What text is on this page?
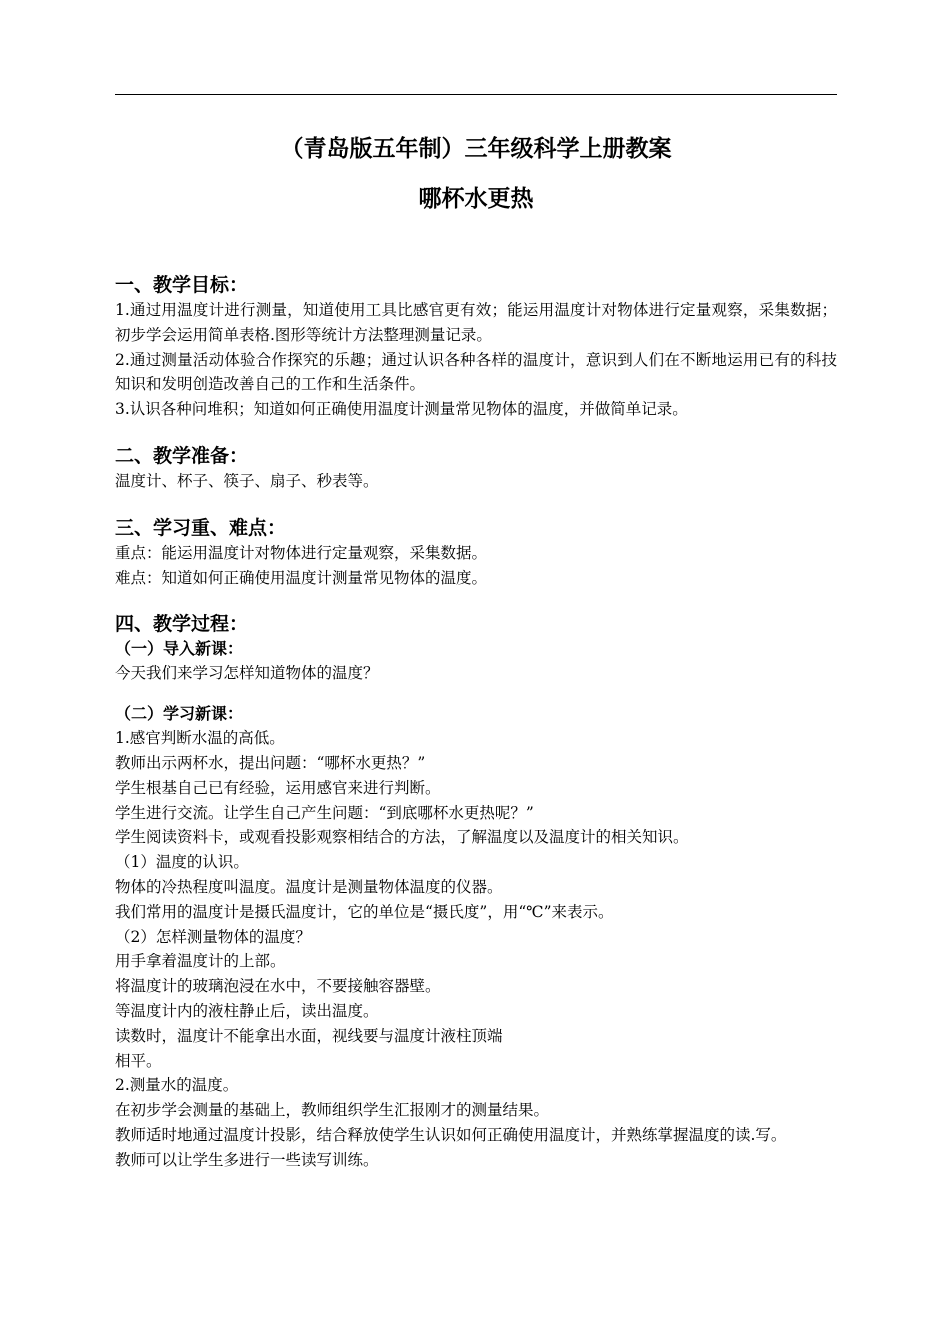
（青岛版五年制）三年级科学上册教案
哪杯水更热
一、教学目标：
1.通过用温度计进行测量，知道使用工具比感官更有效；能运用温度计对物体进行定量观察，采集数据；初步学会运用简单表格.图形等统计方法整理测量记录。
2.通过测量活动体验合作探究的乐趣；通过认识各种各样的温度计，意识到人们在不断地运用已有的科技知识和发明创造改善自己的工作和生活条件。
3.认识各种问堆积；知道如何正确使用温度计测量常见物体的温度，并做简单记录。
二、教学准备：
温度计、杯子、筷子、扇子、秒表等。
三、学习重、难点：
重点：能运用温度计对物体进行定量观察，采集数据。
难点：知道如何正确使用温度计测量常见物体的温度。
四、教学过程：
（一）导入新课：
今天我们来学习怎样知道物体的温度？
（二）学习新课：
1.感官判断水温的高低。
教师出示两杯水，提出问题：“哪杯水更热？”
学生根基自己已有经验，运用感官来进行判断。
学生进行交流。让学生自己产生问题：“到底哪杯水更热呢？”
学生阅读资料卡，或观看投影观察相结合的方法，了解温度以及温度计的相关知识。
（1）温度的认识。
物体的冷热程度叫温度。温度计是测量物体温度的仪器。
我们常用的温度计是摄氏温度计，它的单位是“摄氏度”，用“℃”来表示。
（2）怎样测量物体的温度？
用手拿着温度计的上部。
将温度计的玻璃泡浸在水中，不要接触容器壁。
等温度计内的液柱静止后，读出温度。
读数时，温度计不能拿出水面，视线要与温度计液柱顶端
相平。
2.测量水的温度。
在初步学会测量的基础上，教师组织学生汇报刚才的测量结果。
教师适时地通过温度计投影，结合释放使学生认识如何正确使用温度计，并熟练掌握温度的读.写。
教师可以让学生多进行一些读写训练。
